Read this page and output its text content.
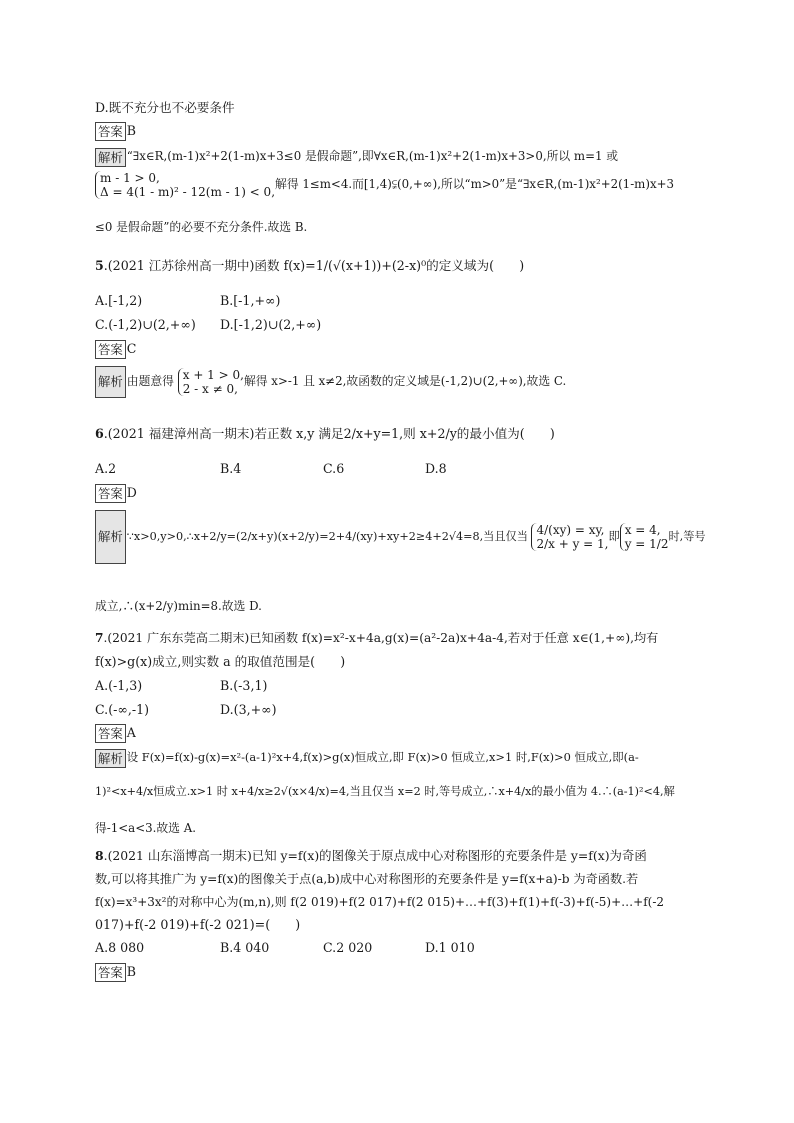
D.既不充分也不必要条件
答案 B
解析 “∃x∈R,(m-1)x²+2(1-m)x+3≤0 是假命题”,即∀x∈R,(m-1)x²+2(1-m)x+3>0,所以 m=1 或
m - 1 > 0,
Δ = 4(1 - m)² - 12(m - 1) < 0,解得 1≤m<4.而[1,4)⫋(0,+∞),所以“m>0”是“∃x∈R,(m-1)x²+2(1-m)x+3
≤0 是假命题”的必要不充分条件.故选 B.
5.(2021 江苏徐州高一期中)函数 f(x)=1/(√(x+1))+(2-x)⁰的定义域为(　　)
A.[-1,2)	B.[-1,+∞)
C.(-1,2)∪(2,+∞) D.[-1,2)∪(2,+∞)
答案 C
解析 由题意得 x + 1 > 0,
2 - x ≠ 0,解得 x>-1 且 x≠2,故函数的定义域是(-1,2)∪(2,+∞),故选 C.
6.(2021 福建漳州高一期末)若正数 x,y 满足2/x+y=1,则 x+2/y的最小值为(　　)
A.2	B.4	C.6	D.8
答案 D
解析 ∵x>0,y>0,∴x+2/y=(2/x+y)(x+2/y)=2+4/(xy)+xy+2≥4+2√4=8,当且仅当 4/(xy) = xy,
2/x + y = 1,即 x = 4,
y = 1/2时,等号
成立,∴(x+2/y)min=8.故选 D.
7.(2021 广东东莞高二期末)已知函数 f(x)=x²-x+4a,g(x)=(a²-2a)x+4a-4,若对于任意 x∈(1,+∞),均有
f(x)>g(x)成立,则实数 a 的取值范围是(　　)
A.(-1,3)	B.(-3,1)
C.(-∞,-1)	D.(3,+∞)
答案 A
解析 设 F(x)=f(x)-g(x)=x²-(a-1)²x+4,f(x)>g(x)恒成立,即 F(x)>0 恒成立,x>1 时,F(x)>0 恒成立,即(a-
1)²<x+4/x恒成立.x>1 时 x+4/x≥2√(x×4/x)=4,当且仅当 x=2 时,等号成立,∴x+4/x的最小值为 4.∴(a-1)²<4,解
得-1<a<3.故选 A.
8.(2021 山东淄博高一期末)已知 y=f(x)的图像关于原点成中心对称图形的充要条件是 y=f(x)为奇函
数,可以将其推广为 y=f(x)的图像关于点(a,b)成中心对称图形的充要条件是 y=f(x+a)-b 为奇函数.若
f(x)=x³+3x²的对称中心为(m,n),则 f(2 019)+f(2 017)+f(2 015)+…+f(3)+f(1)+f(-3)+f(-5)+…+f(-2
017)+f(-2 019)+f(-2 021)=(　　)
A.8 080	B.4 040	C.2 020	D.1 010
答案 B
